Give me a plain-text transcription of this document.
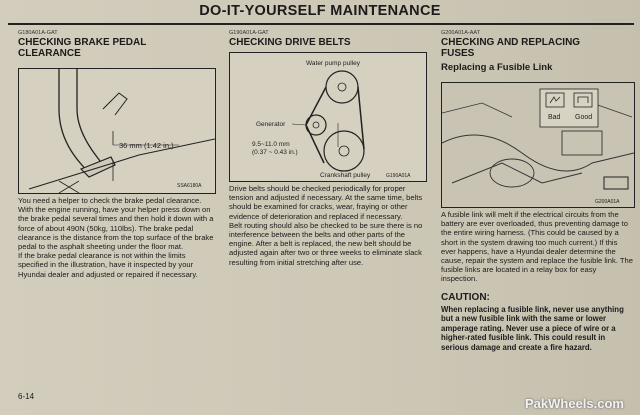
DO-IT-YOURSELF MAINTENANCE
G180A01A-GAT
CHECKING BRAKE PEDAL
CLEARANCE
36 mm (1.42 in.)
SSA6180A

You need a helper to check the brake pedal clearance. With the engine running, have your helper press down on the brake pedal several times and then hold it down with a force of about 490N (50kg, 110lbs). The brake pedal clearance is the distance from the top surface of the brake pedal to the asphalt sheeting under the floor mat.

If the brake pedal clearance is not within the limits specified in the illustration, have it inspected by your Hyundai dealer and adjusted or repaired if necessary.

G190A01A-GAT
CHECKING DRIVE BELTS
Water pump pulley
Generator
9.5~11.0 mm
(0.37 ~ 0.43 in.)
Crankshaft pulley	G190A01A

Drive belts should be checked periodically for proper tension and adjusted if necessary. At the same time, belts should be examined for cracks, wear, fraying or other evidence of deterioration and replaced if necessary.

Belt routing should also be checked to be sure there is no interference between the belts and other parts of the engine. After a belt is replaced, the new belt should be adjusted again after two or three weeks to eliminate slack resulting from initial stretching after use.

G200A01A-AAT
CHECKING AND REPLACING
FUSES
Replacing a Fusible Link
Bad Good
G200A01A

A fusible link will melt if the electrical circuits from the battery are ever overloaded, thus preventing damage to the entire wiring harness. (This could be caused by a short in the system drawing too much current.) If this ever happens, have a Hyundai dealer determine the cause, repair the system and replace the fusible link. The fusible links are located in a relay box for easy inspection.

CAUTION:

When replacing a fusible link, never use anything but a new fusible link with the same or lower amperage rating. Never use a piece of wire or a higher-rated fusible link. This could result in serious damage and create a fire hazard.

6-14	PakWheels.com
